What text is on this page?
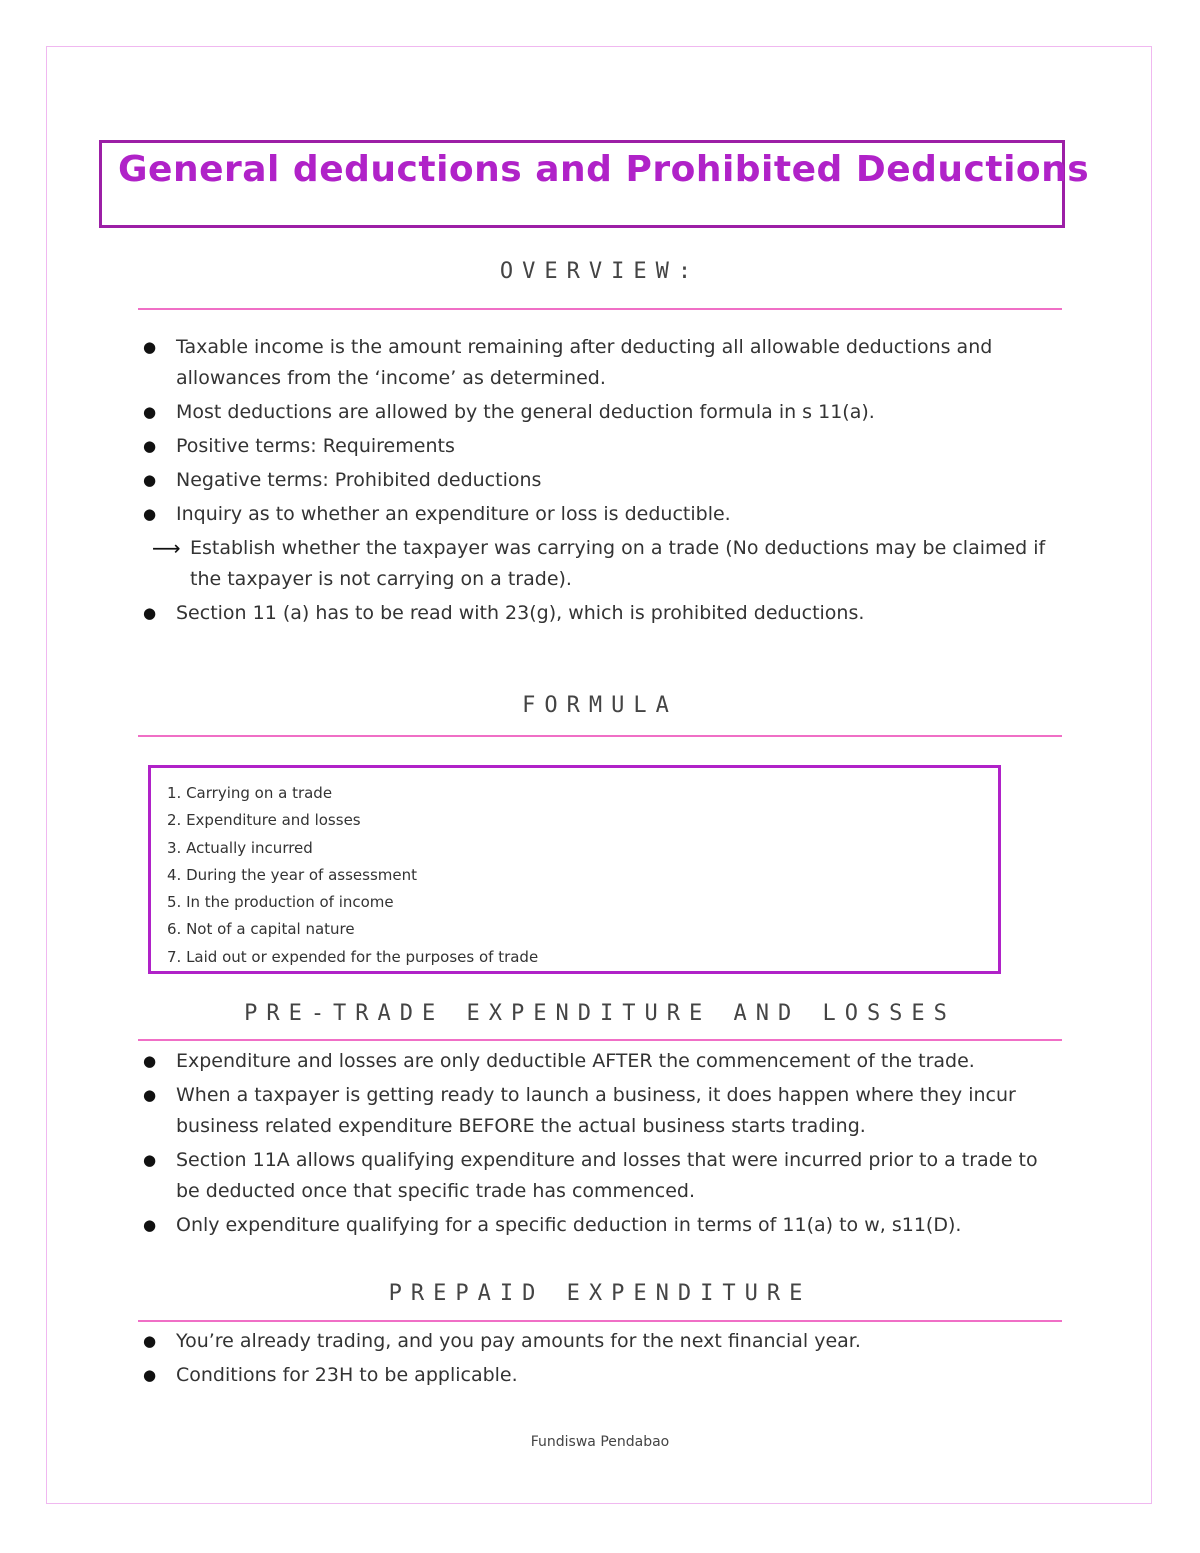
General deductions and Prohibited Deductions
OVERVIEW:
● Taxable income is the amount remaining after deducting all allowable deductions and allowances from the ‘income’ as determined.
● Most deductions are allowed by the general deduction formula in s 11(a).
● Positive terms: Requirements
● Negative terms: Prohibited deductions
● Inquiry as to whether an expenditure or loss is deductible.
⟶ Establish whether the taxpayer was carrying on a trade (No deductions may be claimed if the taxpayer is not carrying on a trade).
● Section 11 (a) has to be read with 23(g), which is prohibited deductions.
FORMULA
1. Carrying on a trade
2. Expenditure and losses
3. Actually incurred
4. During the year of assessment
5. In the production of income
6. Not of a capital nature
7. Laid out or expended for the purposes of trade
PRE-TRADE EXPENDITURE AND LOSSES
● Expenditure and losses are only deductible AFTER the commencement of the trade.
● When a taxpayer is getting ready to launch a business, it does happen where they incur business related expenditure BEFORE the actual business starts trading.
● Section 11A allows qualifying expenditure and losses that were incurred prior to a trade to be deducted once that specific trade has commenced.
● Only expenditure qualifying for a specific deduction in terms of 11(a) to w, s11(D).
PREPAID EXPENDITURE
● You’re already trading, and you pay amounts for the next financial year.
● Conditions for 23H to be applicable.
Fundiswa Pendabao
